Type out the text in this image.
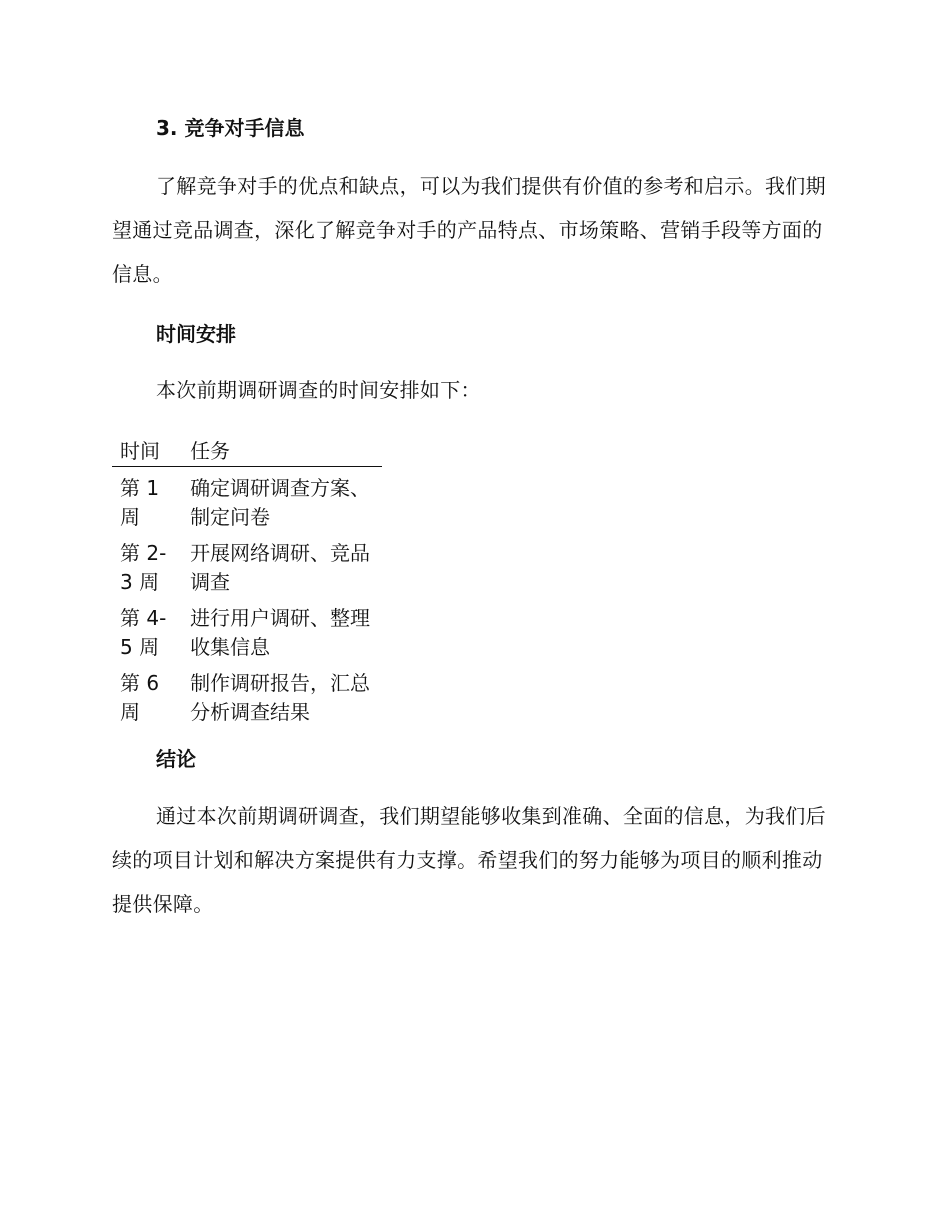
3. 竞争对手信息

了解竞争对手的优点和缺点，可以为我们提供有价值的参考和启示。我们期望通过竞品调查，深化了解竞争对手的产品特点、市场策略、营销手段等方面的信息。

时间安排

本次前期调研调查的时间安排如下：

时间	任务
第 1 周	确定调研调查方案、制定问卷
第 2-3 周	开展网络调研、竞品调查
第 4-5 周	进行用户调研、整理收集信息
第 6 周	制作调研报告，汇总分析调查结果
结论

通过本次前期调研调查，我们期望能够收集到准确、全面的信息，为我们后续的项目计划和解决方案提供有力支撑。希望我们的努力能够为项目的顺利推动提供保障。
